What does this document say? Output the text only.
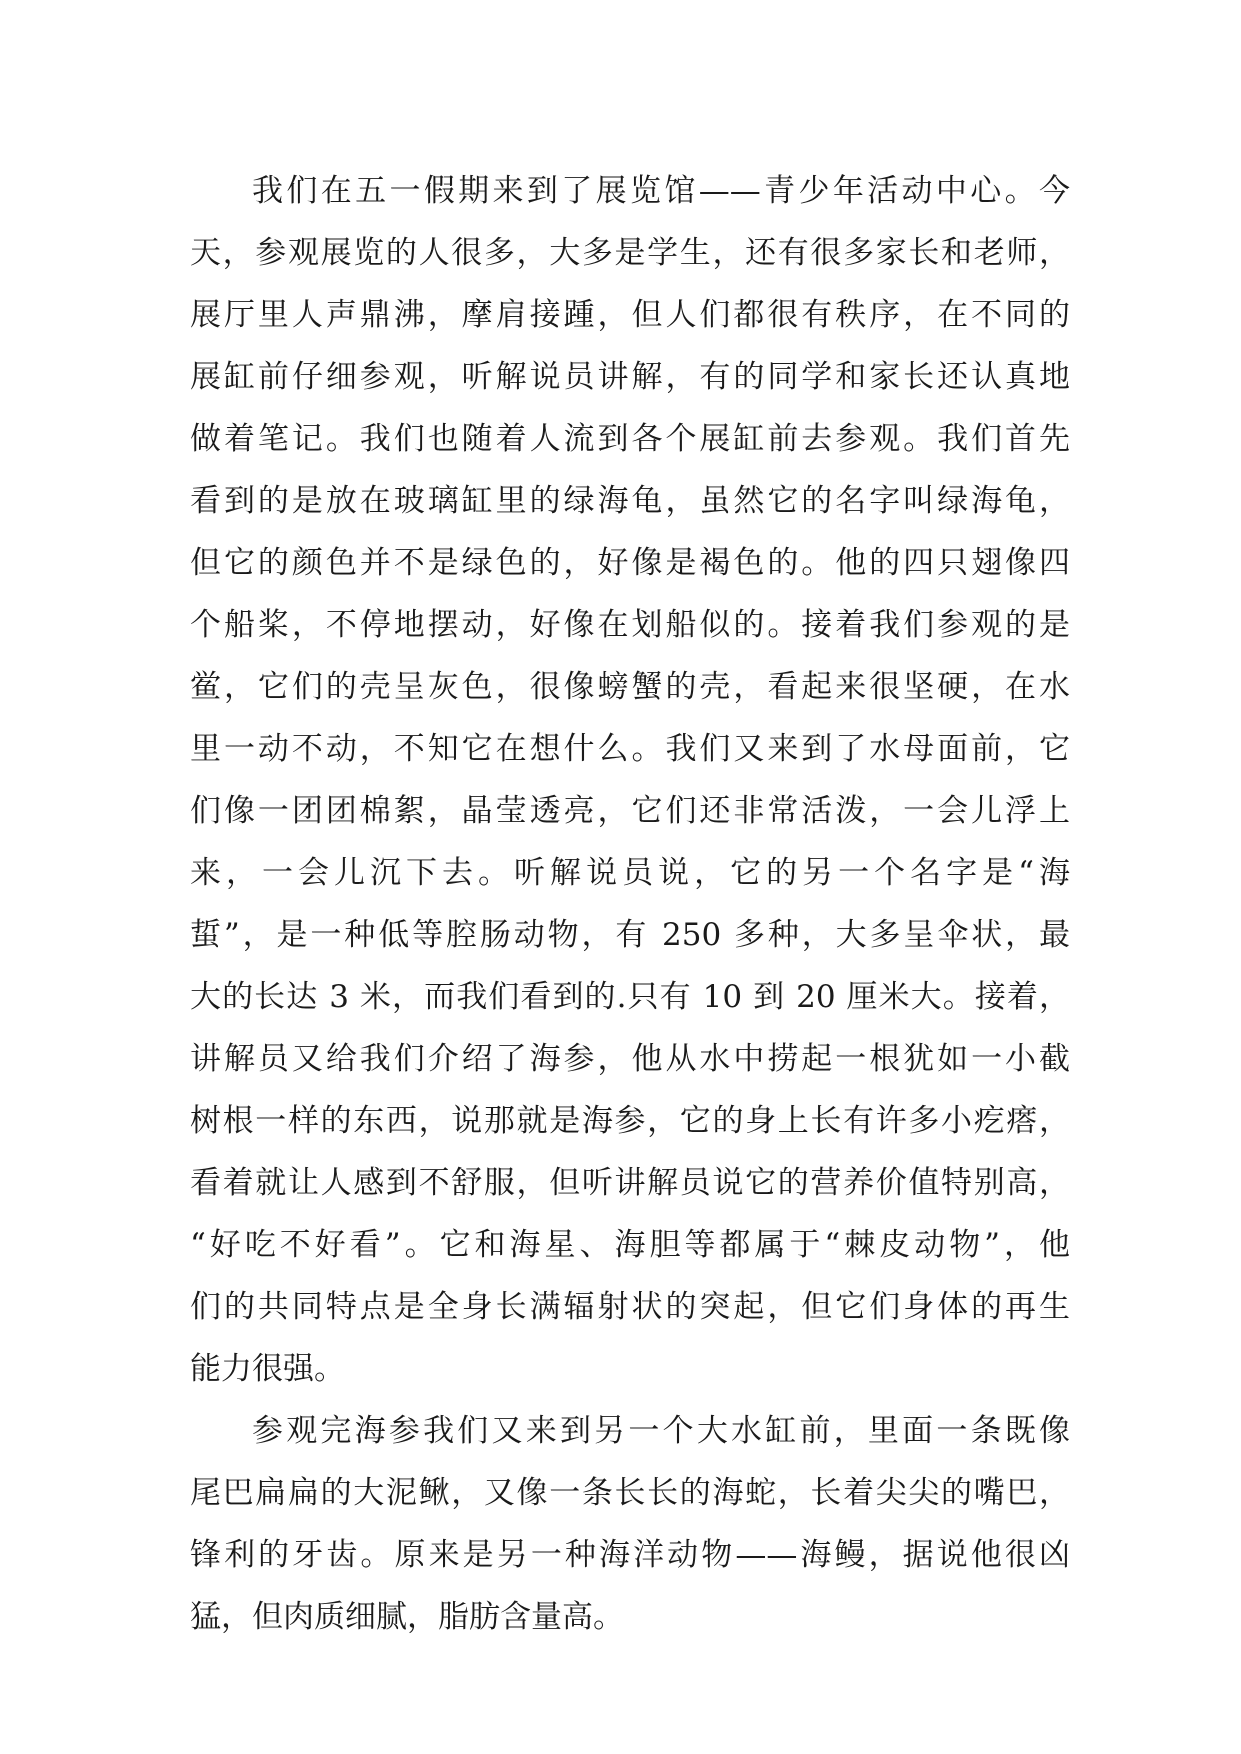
我们在五一假期来到了展览馆——青少年活动中心。今
天，参观展览的人很多，大多是学生，还有很多家长和老师，
展厅里人声鼎沸，摩肩接踵，但人们都很有秩序，在不同的
展缸前仔细参观，听解说员讲解，有的同学和家长还认真地
做着笔记。我们也随着人流到各个展缸前去参观。我们首先
看到的是放在玻璃缸里的绿海龟，虽然它的名字叫绿海龟，
但它的颜色并不是绿色的，好像是褐色的。他的四只翅像四
个船桨，不停地摆动，好像在划船似的。接着我们参观的是
鲎，它们的壳呈灰色，很像螃蟹的壳，看起来很坚硬，在水
里一动不动，不知它在想什么。我们又来到了水母面前，它
们像一团团棉絮，晶莹透亮，它们还非常活泼，一会儿浮上
来，一会儿沉下去。听解说员说，它的另一个名字是“海
蜇”，是一种低等腔肠动物，有 250 多种，大多呈伞状，最
大的长达 3 米，而我们看到的.只有 10 到 20 厘米大。接着，
讲解员又给我们介绍了海参，他从水中捞起一根犹如一小截
树根一样的东西，说那就是海参，它的身上长有许多小疙瘩，
看着就让人感到不舒服，但听讲解员说它的营养价值特别高，
“好吃不好看”。它和海星、海胆等都属于“棘皮动物”，他
们的共同特点是全身长满辐射状的突起，但它们身体的再生
能力很强。
参观完海参我们又来到另一个大水缸前，里面一条既像
尾巴扁扁的大泥鳅，又像一条长长的海蛇，长着尖尖的嘴巴，
锋利的牙齿。原来是另一种海洋动物——海鳗，据说他很凶
猛，但肉质细腻，脂肪含量高。
